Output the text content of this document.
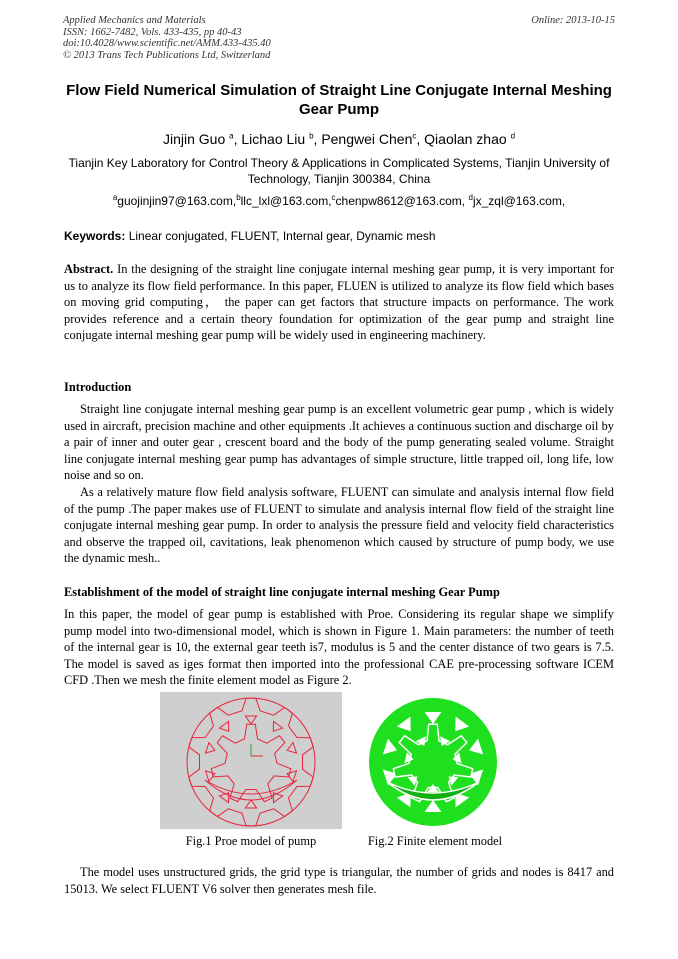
Applied Mechanics and Materials
ISSN: 1662-7482, Vols. 433-435, pp 40-43
doi:10.4028/www.scientific.net/AMM.433-435.40
© 2013 Trans Tech Publications Ltd, Switzerland
Online: 2013-10-15
Flow Field Numerical Simulation of Straight Line Conjugate Internal Meshing Gear Pump
Jinjin Guo $^a$, Lichao Liu $^b$, Pengwei Chen$^c$, Qiaolan zhao $^d$
Tianjin Key Laboratory for Control Theory & Applications in Complicated Systems, Tianjin University of Technology, Tianjin 300384, China
$^a$guojinjin97@163.com,$^b$llc_lxl@163.com,$^c$chenpw8612@163.com, $^d$jx_zql@163.com,
Keywords: Linear conjugated, FLUENT, Internal gear, Dynamic mesh
Abstract. In the designing of the straight line conjugate internal meshing gear pump, it is very important for us to analyze its flow field performance. In this paper, FLUEN is utilized to analyze its flow field which bases on moving grid computing， the paper can get factors that structure impacts on performance. The work provides reference and a certain theory foundation for optimization of the gear pump and straight line conjugate internal meshing gear pump will be widely used in engineering machinery.
Introduction
Straight line conjugate internal meshing gear pump is an excellent volumetric gear pump , which is widely used in aircraft, precision machine and other equipments .It achieves a continuous suction and discharge oil by a pair of inner and outer gear , crescent board and the body of the pump generating sealed volume. Straight line conjugate internal meshing gear pump has advantages of simple structure, little trapped oil, long life, low noise and so on.
As a relatively mature flow field analysis software, FLUENT can simulate and analysis internal flow field of the pump .The paper makes use of FLUENT to simulate and analysis internal flow field of the straight line conjugate internal meshing gear pump. In order to analysis the pressure field and velocity field characteristics and observe the trapped oil, cavitations, leak phenomenon which caused by structure of pump body, we use the dynamic mesh..
Establishment of the model of straight line conjugate internal meshing Gear Pump
In this paper, the model of gear pump is established with Proe. Considering its regular shape we simplify pump model into two-dimensional model, which is shown in Figure 1. Main parameters: the number of teeth of the internal gear is 10, the external gear teeth is7, modulus is 5 and the center distance of two gears is 7.5. The model is saved as iges format then imported into the professional CAE pre-processing software ICEM CFD .Then we mesh the finite element model as Figure 2.
Fig.1 Proe model of pump	Fig.2 Finite element model
The model uses unstructured grids, the grid type is triangular, the number of grids and nodes is 8417 and 15013. We select FLUENT V6 solver then generates mesh file.
